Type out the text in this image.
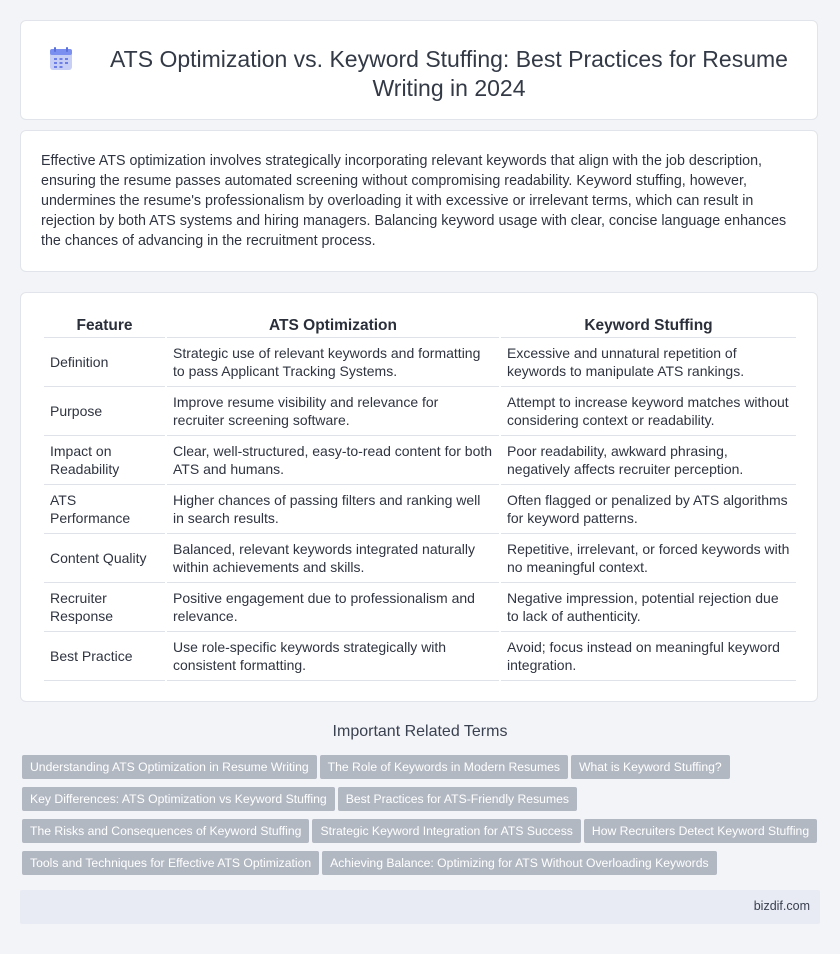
ATS Optimization vs. Keyword Stuffing: Best Practices for Resume Writing in 2024

Effective ATS optimization involves strategically incorporating relevant keywords that align with the job description, ensuring the resume passes automated screening without compromising readability. Keyword stuffing, however, undermines the resume's professionalism by overloading it with excessive or irrelevant terms, which can result in rejection by both ATS systems and hiring managers. Balancing keyword usage with clear, concise language enhances the chances of advancing in the recruitment process.

Feature	ATS Optimization	Keyword Stuffing
Definition	Strategic use of relevant keywords and formatting to pass Applicant Tracking Systems.	Excessive and unnatural repetition of keywords to manipulate ATS rankings.
Purpose	Improve resume visibility and relevance for recruiter screening software.	Attempt to increase keyword matches without considering context or readability.
Impact on Readability	Clear, well-structured, easy-to-read content for both ATS and humans.	Poor readability, awkward phrasing, negatively affects recruiter perception.
ATS Performance	Higher chances of passing filters and ranking well in search results.	Often flagged or penalized by ATS algorithms for keyword patterns.
Content Quality	Balanced, relevant keywords integrated naturally within achievements and skills.	Repetitive, irrelevant, or forced keywords with no meaningful context.
Recruiter Response	Positive engagement due to professionalism and relevance.	Negative impression, potential rejection due to lack of authenticity.
Best Practice	Use role-specific keywords strategically with consistent formatting.	Avoid; focus instead on meaningful keyword integration.
Important Related Terms
Understanding ATS Optimization in Resume Writing The Role of Keywords in Modern Resumes What is Keyword Stuffing?
Key Differences: ATS Optimization vs Keyword Stuffing Best Practices for ATS-Friendly Resumes
The Risks and Consequences of Keyword Stuffing Strategic Keyword Integration for ATS Success How Recruiters Detect Keyword Stuffing
Tools and Techniques for Effective ATS Optimization Achieving Balance: Optimizing for ATS Without Overloading Keywords
bizdif.com
